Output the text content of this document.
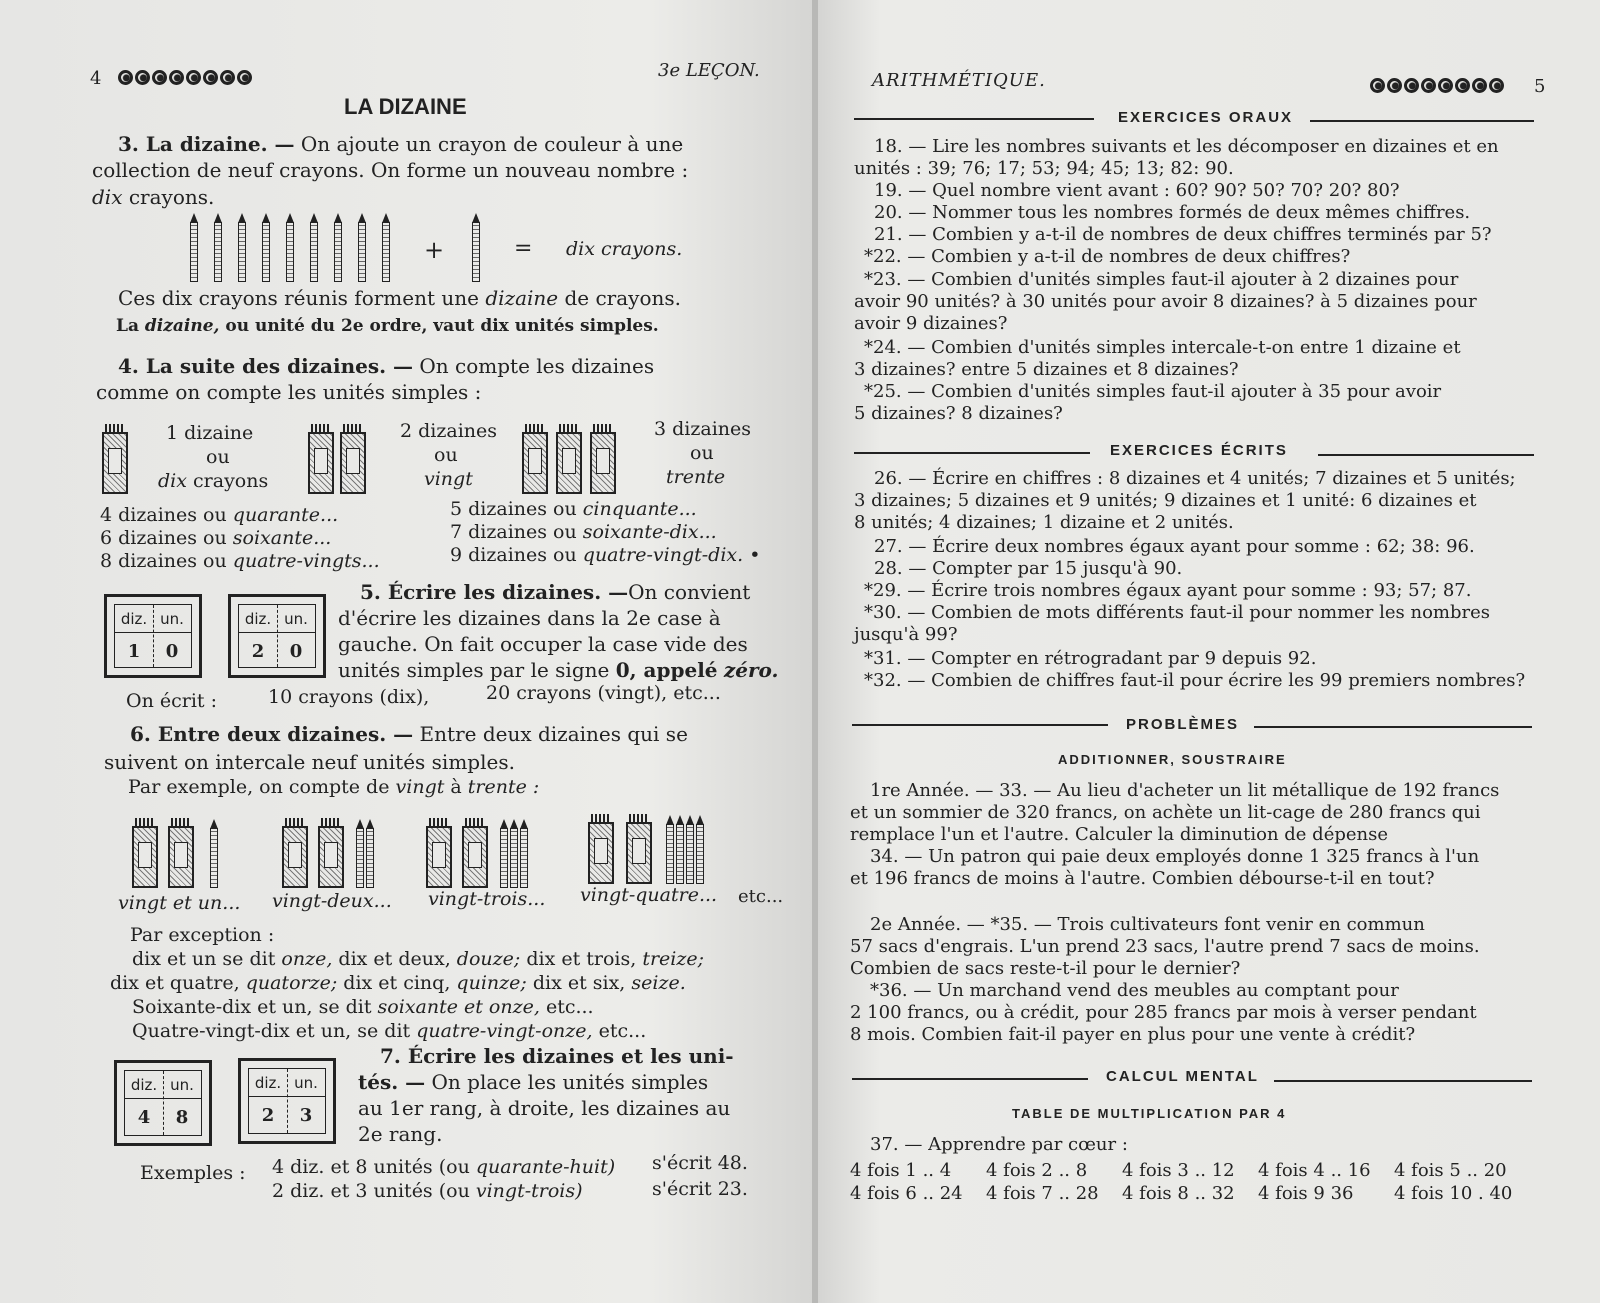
4	3e LEÇON.
LA DIZAINE
3. La dizaine. — On ajoute un crayon de couleur à une
collection de neuf crayons. On forme un nouveau nombre :
dix crayons.
+	= dix crayons.
Ces dix crayons réunis forment une dizaine de crayons.
La dizaine, ou unité du 2e ordre, vaut dix unités simples.
4. La suite des dizaines. — On compte les dizaines
comme on compte les unités simples :
1 dizaine
ou
dix crayons
2 dizaines
ou
vingt
3 dizaines
ou
trente
4 dizaines ou quarante...
6 dizaines ou soixante...
8 dizaines ou quatre-vingts...
5 dizaines ou cinquante...
7 dizaines ou soixante-dix...
9 dizaines ou quatre-vingt-dix. •
diz. un.
1	0
diz. un.
2	0
5. Écrire les dizaines. —On convient
d'écrire les dizaines dans la 2e case à
gauche. On fait occuper la case vide des
unités simples par le signe 0, appelé zéro.
On écrit :	10 crayons (dix),	20 crayons (vingt), etc...
6. Entre deux dizaines. — Entre deux dizaines qui se
suivent on intercale neuf unités simples.
Par exemple, on compte de vingt à trente :
vingt et un... vingt-deux... vingt-trois... vingt-quatre... etc...
Par exception :
dix et un se dit onze, dix et deux, douze; dix et trois, treize;
dix et quatre, quatorze; dix et cinq, quinze; dix et six, seize.
Soixante-dix et un, se dit soixante et onze, etc...
Quatre-vingt-dix et un, se dit quatre-vingt-onze, etc...
diz. un.
4	8
diz. un.
2	3
7. Écrire les dizaines et les uni-
tés. — On place les unités simples
au 1er rang, à droite, les dizaines au
2e rang.
Exemples : 4 diz. et 8 unités (ou quarante-huit) s'écrit 48.
2 diz. et 3 unités (ou vingt-trois)	s'écrit 23.
ARITHMÉTIQUE.	5
EXERCICES ORAUX
18. — Lire les nombres suivants et les décomposer en dizaines et en
unités : 39; 76; 17; 53; 94; 45; 13; 82: 90.
19. — Quel nombre vient avant : 60? 90? 50? 70? 20? 80?
20. — Nommer tous les nombres formés de deux mêmes chiffres.
21. — Combien y a-t-il de nombres de deux chiffres terminés par 5?
*22. — Combien y a-t-il de nombres de deux chiffres?
*23. — Combien d'unités simples faut-il ajouter à 2 dizaines pour
avoir 90 unités? à 30 unités pour avoir 8 dizaines? à 5 dizaines pour
avoir 9 dizaines?
*24. — Combien d'unités simples intercale-t-on entre 1 dizaine et
3 dizaines? entre 5 dizaines et 8 dizaines?
*25. — Combien d'unités simples faut-il ajouter à 35 pour avoir
5 dizaines? 8 dizaines?
EXERCICES ÉCRITS
26. — Écrire en chiffres : 8 dizaines et 4 unités; 7 dizaines et 5 unités;
3 dizaines; 5 dizaines et 9 unités; 9 dizaines et 1 unité: 6 dizaines et
8 unités; 4 dizaines; 1 dizaine et 2 unités.
27. — Écrire deux nombres égaux ayant pour somme : 62; 38: 96.
28. — Compter par 15 jusqu'à 90.
*29. — Écrire trois nombres égaux ayant pour somme : 93; 57; 87.
*30. — Combien de mots différents faut-il pour nommer les nombres
jusqu'à 99?
*31. — Compter en rétrogradant par 9 depuis 92.
*32. — Combien de chiffres faut-il pour écrire les 99 premiers nombres?
PROBLÈMES
ADDITIONNER, SOUSTRAIRE
1re Année. — 33. — Au lieu d'acheter un lit métallique de 192 francs
et un sommier de 320 francs, on achète un lit-cage de 280 francs qui
remplace l'un et l'autre. Calculer la diminution de dépense
34. — Un patron qui paie deux employés donne 1 325 francs à l'un
et 196 francs de moins à l'autre. Combien débourse-t-il en tout?
2e Année. — *35. — Trois cultivateurs font venir en commun
57 sacs d'engrais. L'un prend 23 sacs, l'autre prend 7 sacs de moins.
Combien de sacs reste-t-il pour le dernier?
*36. — Un marchand vend des meubles au comptant pour
2 100 francs, ou à crédit, pour 285 francs par mois à verser pendant
8 mois. Combien fait-il payer en plus pour une vente à crédit?
CALCUL MENTAL
TABLE DE MULTIPLICATION PAR 4
37. — Apprendre par cœur :
4 fois 1 .. 4 4 fois 2 .. 8 4 fois 3 .. 12 4 fois 4 .. 16 4 fois 5 .. 20
4 fois 6 .. 24 4 fois 7 .. 28 4 fois 8 .. 32 4 fois 9 36 4 fois 10 . 40
